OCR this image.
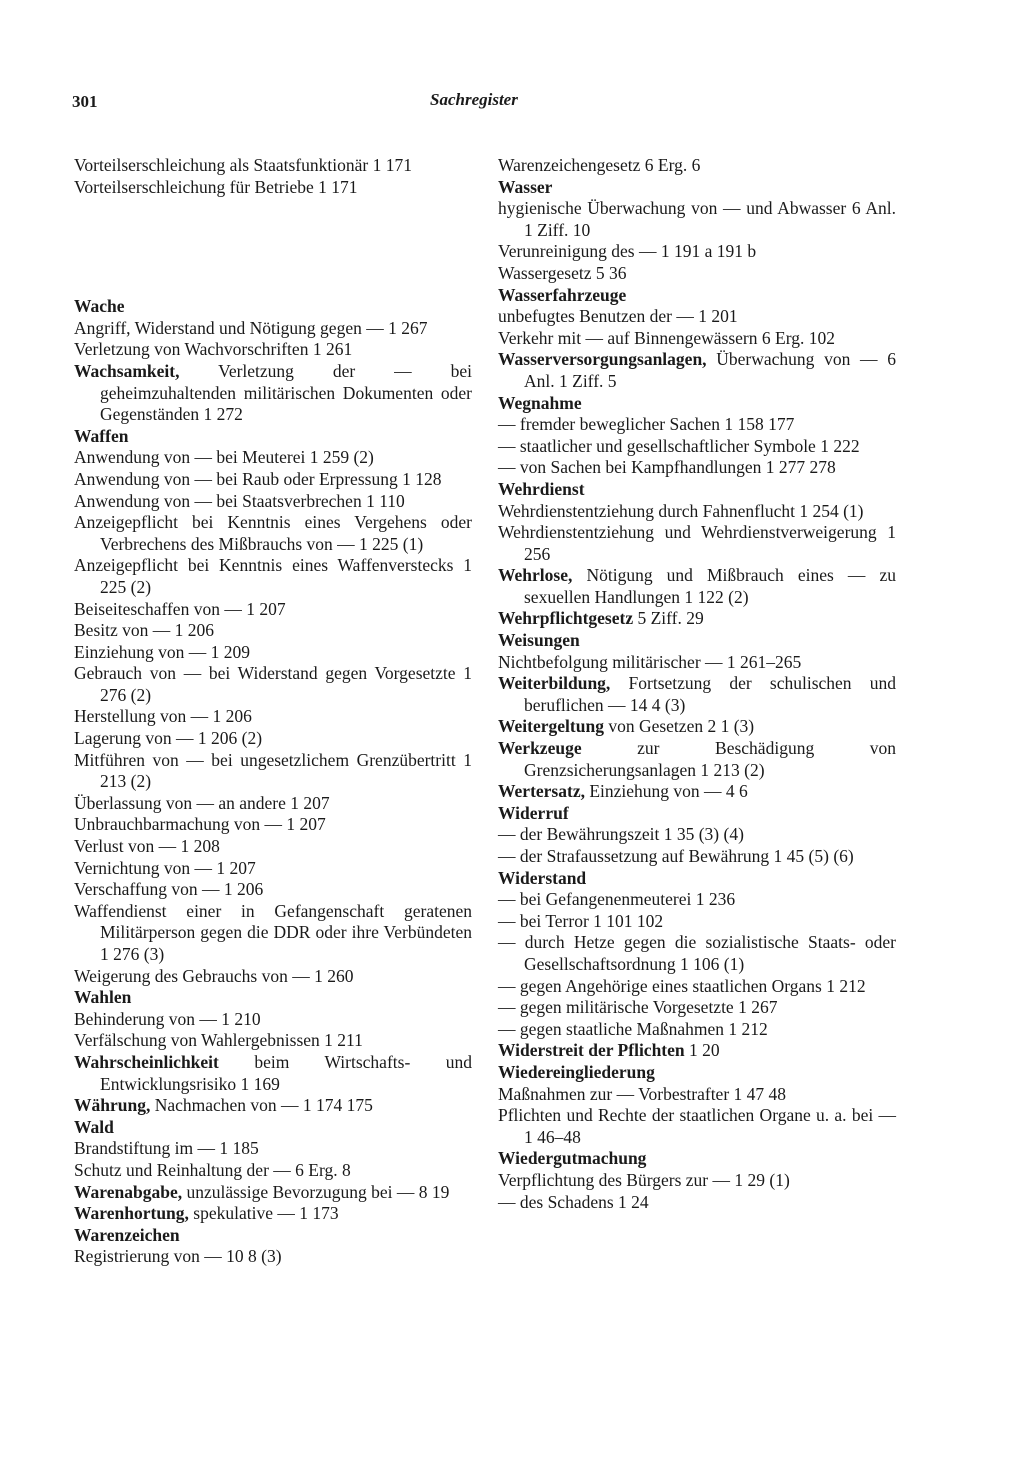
301	Sachregister
Vorteilserschleichung als Staatsfunktionär 1 171
Vorteilserschleichung für Betriebe 1 171
Wache
Angriff, Widerstand und Nötigung gegen — 1 267
Verletzung von Wachvorschriften 1 261
Wachsamkeit, Verletzung der — bei geheimzuhaltenden militärischen Dokumenten oder Gegenständen 1 272
Waffen
Anwendung von — bei Meuterei 1 259 (2)
Anwendung von — bei Raub oder Erpressung 1 128
Anwendung von — bei Staatsverbrechen 1 110
Anzeigepflicht bei Kenntnis eines Vergehens oder Verbrechens des Mißbrauchs von — 1 225 (1)
Anzeigepflicht bei Kenntnis eines Waffenverstecks 1 225 (2)
Beiseiteschaffen von — 1 207
Besitz von — 1 206
Einziehung von — 1 209
Gebrauch von — bei Widerstand gegen Vorgesetzte 1 276 (2)
Herstellung von — 1 206
Lagerung von — 1 206 (2)
Mitführen von — bei ungesetzlichem Grenzübertritt 1 213 (2)
Überlassung von — an andere 1 207
Unbrauchbarmachung von — 1 207
Verlust von — 1 208
Vernichtung von — 1 207
Verschaffung von — 1 206
Waffendienst einer in Gefangenschaft geratenen Militärperson gegen die DDR oder ihre Verbündeten 1 276 (3)
Weigerung des Gebrauchs von — 1 260
Wahlen
Behinderung von — 1 210
Verfälschung von Wahlergebnissen 1 211
Wahrscheinlichkeit beim Wirtschafts- und Entwicklungsrisiko 1 169
Währung, Nachmachen von — 1 174 175
Wald
Brandstiftung im — 1 185
Schutz und Reinhaltung der — 6 Erg. 8
Warenabgabe, unzulässige Bevorzugung bei — 8 19
Warenhortung, spekulative — 1 173
Warenzeichen
Registrierung von — 10 8 (3)
Warenzeichengesetz 6 Erg. 6
Wasser
hygienische Überwachung von — und Abwasser 6 Anl. 1 Ziff. 10
Verunreinigung des — 1 191 a 191 b
Wassergesetz 5 36
Wasserfahrzeuge
unbefugtes Benutzen der — 1 201
Verkehr mit — auf Binnengewässern 6 Erg. 102
Wasserversorgungsanlagen, Überwachung von — 6 Anl. 1 Ziff. 5
Wegnahme
— fremder beweglicher Sachen 1 158 177
— staatlicher und gesellschaftlicher Symbole 1 222
— von Sachen bei Kampfhandlungen 1 277 278
Wehrdienst
Wehrdienstentziehung durch Fahnenflucht 1 254 (1)
Wehrdienstentziehung und Wehrdienstverweigerung 1 256
Wehrlose, Nötigung und Mißbrauch eines — zu sexuellen Handlungen 1 122 (2)
Wehrpflichtgesetz 5 Ziff. 29
Weisungen
Nichtbefolgung militärischer — 1 261–265
Weiterbildung, Fortsetzung der schulischen und beruflichen — 14 4 (3)
Weitergeltung von Gesetzen 2 1 (3)
Werkzeuge zur Beschädigung von Grenzsicherungsanlagen 1 213 (2)
Wertersatz, Einziehung von — 4 6
Widerruf
— der Bewährungszeit 1 35 (3) (4)
— der Strafaussetzung auf Bewährung 1 45 (5) (6)
Widerstand
— bei Gefangenenmeuterei 1 236
— bei Terror 1 101 102
— durch Hetze gegen die sozialistische Staats- oder Gesellschaftsordnung 1 106 (1)
— gegen Angehörige eines staatlichen Organs 1 212
— gegen militärische Vorgesetzte 1 267
— gegen staatliche Maßnahmen 1 212
Widerstreit der Pflichten 1 20
Wiedereingliederung
Maßnahmen zur — Vorbestrafter 1 47 48
Pflichten und Rechte der staatlichen Organe u. a. bei — 1 46–48
Wiedergutmachung
Verpflichtung des Bürgers zur — 1 29 (1)
— des Schadens 1 24
